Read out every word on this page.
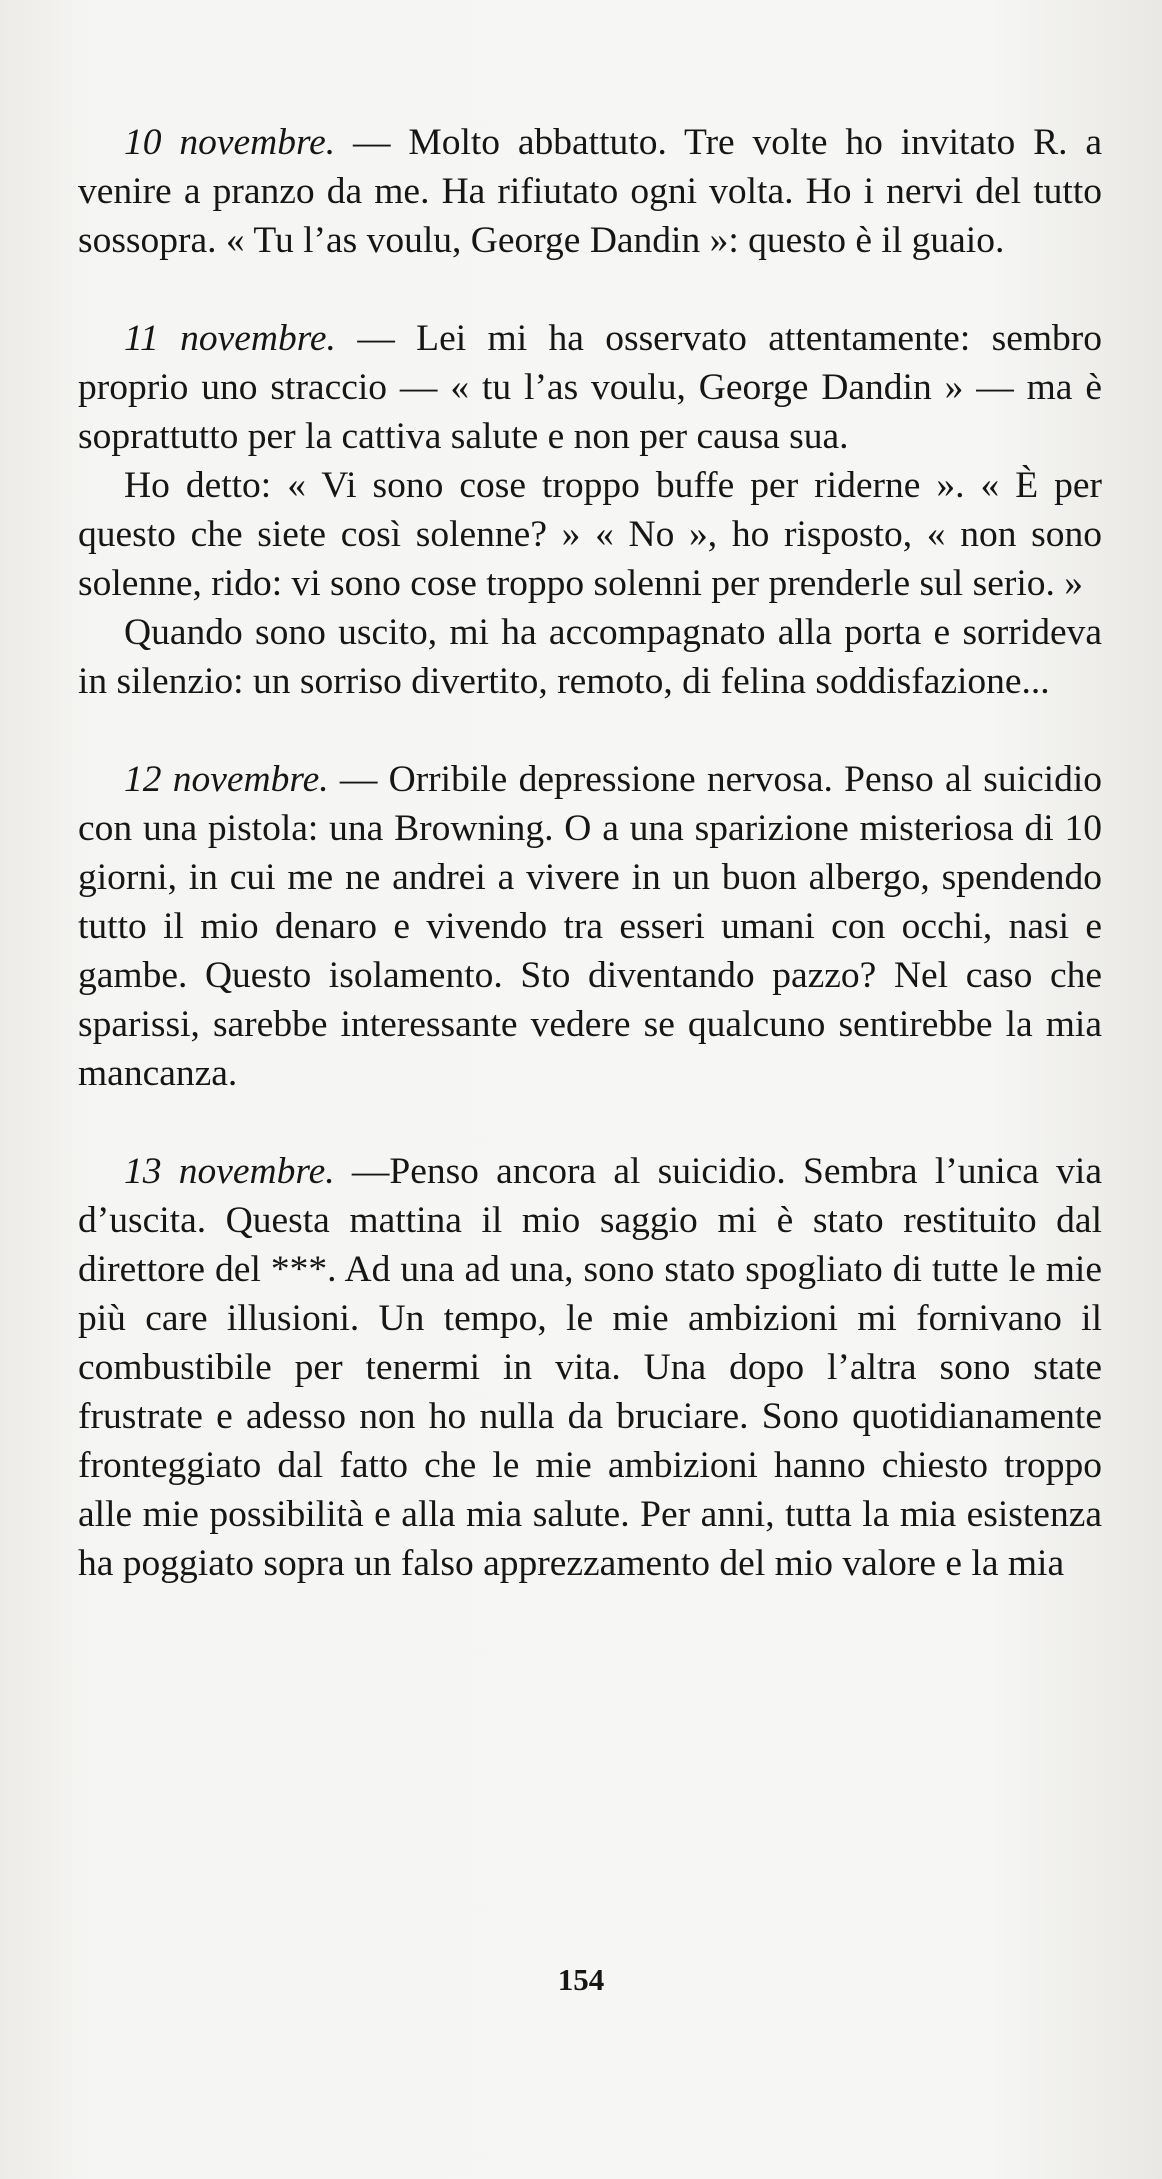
10 novembre. — Molto abbattuto. Tre volte ho invitato R. a venire a pranzo da me. Ha rifiutato ogni volta. Ho i nervi del tutto sossopra. « Tu l’as voulu, George Dandin »: questo è il guaio.

11 novembre. — Lei mi ha osservato attentamente: sembro proprio uno straccio — « tu l’as voulu, George Dandin » — ma è soprattutto per la cattiva salute e non per causa sua.

Ho detto: « Vi sono cose troppo buffe per riderne ». « È per questo che siete così solenne? » « No », ho risposto, « non sono solenne, rido: vi sono cose troppo solenni per prenderle sul serio. »

Quando sono uscito, mi ha accompagnato alla porta e sorrideva in silenzio: un sorriso divertito, remoto, di felina soddisfazione...

12 novembre. — Orribile depressione nervosa. Penso al suicidio con una pistola: una Browning. O a una sparizione misteriosa di 10 giorni, in cui me ne andrei a vivere in un buon albergo, spendendo tutto il mio denaro e vivendo tra esseri umani con occhi, nasi e gambe. Questo isolamento. Sto diventando pazzo? Nel caso che sparissi, sarebbe interessante vedere se qualcuno sentirebbe la mia mancanza.

13 novembre. —Penso ancora al suicidio. Sembra l’unica via d’uscita. Questa mattina il mio saggio mi è stato restituito dal direttore del ***. Ad una ad una, sono stato spogliato di tutte le mie più care illusioni. Un tempo, le mie ambizioni mi fornivano il combustibile per tenermi in vita. Una dopo l’altra sono state frustrate e adesso non ho nulla da bruciare. Sono quotidianamente fronteggiato dal fatto che le mie ambizioni hanno chiesto troppo alle mie possibilità e alla mia salute. Per anni, tutta la mia esistenza ha poggiato sopra un falso apprezzamento del mio valore e la mia

154
